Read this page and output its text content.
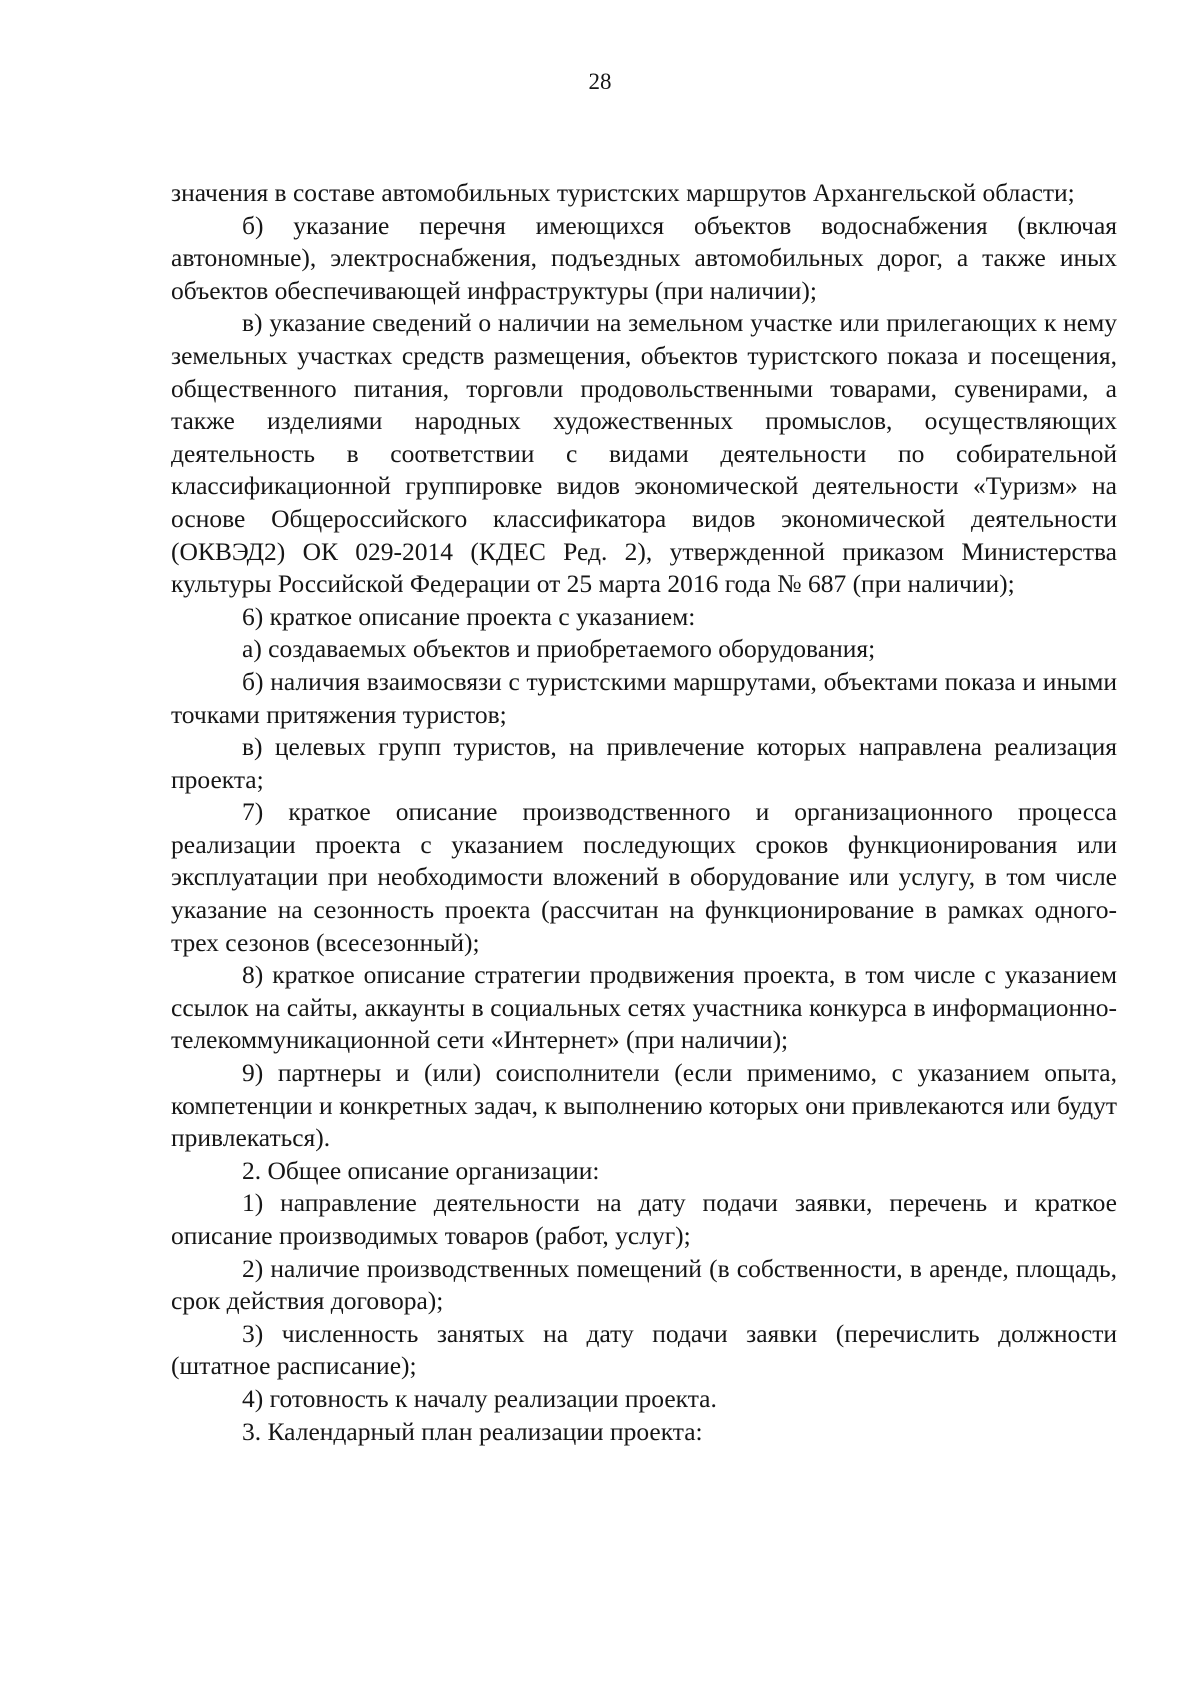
28

значения в составе автомобильных туристских маршрутов Архангельской области;

б) указание перечня имеющихся объектов водоснабжения (включая автономные), электроснабжения, подъездных автомобильных дорог, а также иных объектов обеспечивающей инфраструктуры (при наличии);

в) указание сведений о наличии на земельном участке или прилегающих к нему земельных участках средств размещения, объектов туристского показа и посещения, общественного питания, торговли продовольственными товарами, сувенирами, а также изделиями народных художественных промыслов, осуществляющих деятельность в соответствии с видами деятельности по собирательной классификационной группировке видов экономической деятельности «Туризм» на основе Общероссийского классификатора видов экономической деятельности (ОКВЭД2) ОК 029-2014 (КДЕС Ред. 2), утвержденной приказом Министерства культуры Российской Федерации от 25 марта 2016 года № 687 (при наличии);

6) краткое описание проекта с указанием:

а) создаваемых объектов и приобретаемого оборудования;

б) наличия взаимосвязи с туристскими маршрутами, объектами показа и иными точками притяжения туристов;

в) целевых групп туристов, на привлечение которых направлена реализация проекта;

7) краткое описание производственного и организационного процесса реализации проекта с указанием последующих сроков функционирования или эксплуатации при необходимости вложений в оборудование или услугу, в том числе указание на сезонность проекта (рассчитан на функционирование в рамках одного-трех сезонов (всесезонный);

8) краткое описание стратегии продвижения проекта, в том числе с указанием ссылок на сайты, аккаунты в социальных сетях участника конкурса в информационно-телекоммуникационной сети «Интернет» (при наличии);

9) партнеры и (или) соисполнители (если применимо, с указанием опыта, компетенции и конкретных задач, к выполнению которых они привлекаются или будут привлекаться).

2. Общее описание организации:

1) направление деятельности на дату подачи заявки, перечень и краткое описание производимых товаров (работ, услуг);

2) наличие производственных помещений (в собственности, в аренде, площадь, срок действия договора);

3) численность занятых на дату подачи заявки (перечислить должности (штатное расписание);

4) готовность к началу реализации проекта.

3. Календарный план реализации проекта:
